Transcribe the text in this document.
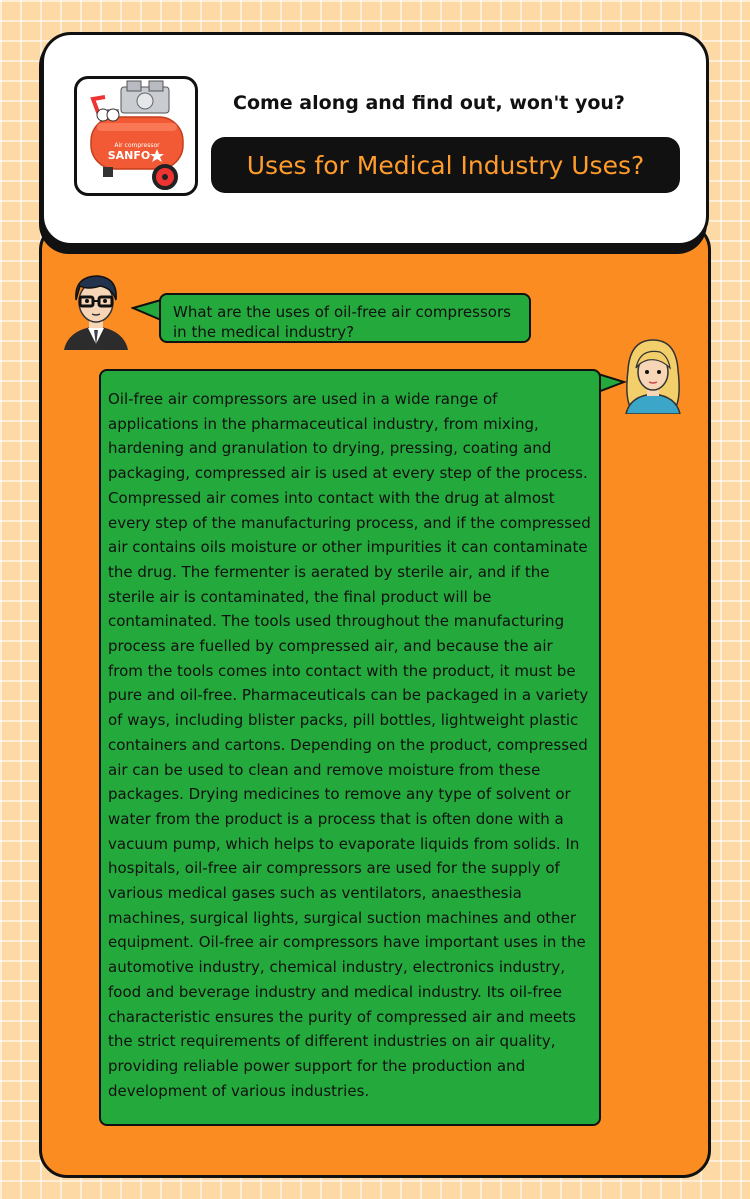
Air compressor
SANFO
Come along and find out, won't you?
Uses for Medical Industry Uses?
What are the uses of oil-free air compressors in the medical industry?
Oil-free air compressors are used in a wide range of applications in the pharmaceutical industry, from mixing, hardening and granulation to drying, pressing, coating and packaging, compressed air is used at every step of the process. Compressed air comes into contact with the drug at almost every step of the manufacturing process, and if the compressed air contains oils moisture or other impurities it can contaminate the drug. The fermenter is aerated by sterile air, and if the sterile air is contaminated, the final product will be contaminated. The tools used throughout the manufacturing process are fuelled by compressed air, and because the air from the tools comes into contact with the product, it must be pure and oil-free. Pharmaceuticals can be packaged in a variety of ways, including blister packs, pill bottles, lightweight plastic containers and cartons. Depending on the product, compressed air can be used to clean and remove moisture from these packages. Drying medicines to remove any type of solvent or water from the product is a process that is often done with a vacuum pump, which helps to evaporate liquids from solids. In hospitals, oil-free air compressors are used for the supply of various medical gases such as ventilators, anaesthesia machines, surgical lights, surgical suction machines and other equipment. Oil-free air compressors have important uses in the automotive industry, chemical industry, electronics industry, food and beverage industry and medical industry. Its oil-free characteristic ensures the purity of compressed air and meets the strict requirements of different industries on air quality, providing reliable power support for the production and development of various industries.
